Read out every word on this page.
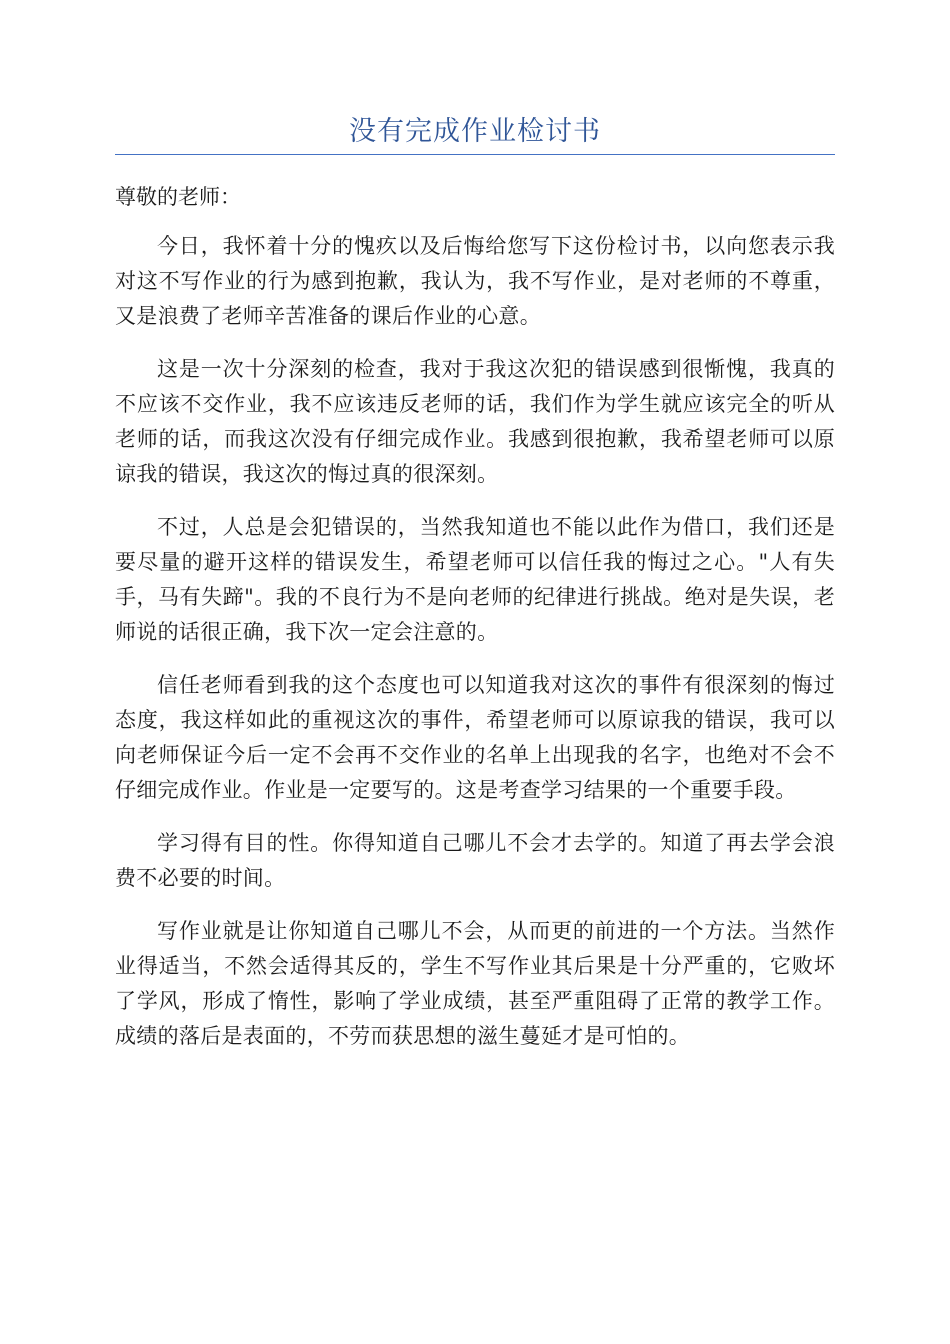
没有完成作业检讨书
尊敬的老师：

今日，我怀着十分的愧疚以及后悔给您写下这份检讨书，以向您表示我对这不写作业的行为感到抱歉，我认为，我不写作业，是对老师的不尊重，又是浪费了老师辛苦准备的课后作业的心意。

这是一次十分深刻的检查，我对于我这次犯的错误感到很惭愧，我真的不应该不交作业，我不应该违反老师的话，我们作为学生就应该完全的听从老师的话，而我这次没有仔细完成作业。我感到很抱歉，我希望老师可以原谅我的错误，我这次的悔过真的很深刻。

不过，人总是会犯错误的，当然我知道也不能以此作为借口，我们还是要尽量的避开这样的错误发生，希望老师可以信任我的悔过之心。"人有失手，马有失蹄"。我的不良行为不是向老师的纪律进行挑战。绝对是失误，老师说的话很正确，我下次一定会注意的。

信任老师看到我的这个态度也可以知道我对这次的事件有很深刻的悔过态度，我这样如此的重视这次的事件，希望老师可以原谅我的错误，我可以向老师保证今后一定不会再不交作业的名单上出现我的名字，也绝对不会不仔细完成作业。作业是一定要写的。这是考查学习结果的一个重要手段。

学习得有目的性。你得知道自己哪儿不会才去学的。知道了再去学会浪费不必要的时间。

写作业就是让你知道自己哪儿不会，从而更的前进的一个方法。当然作业得适当，不然会适得其反的，学生不写作业其后果是十分严重的，它败坏了学风，形成了惰性，影响了学业成绩，甚至严重阻碍了正常的教学工作。成绩的落后是表面的，不劳而获思想的滋生蔓延才是可怕的。
